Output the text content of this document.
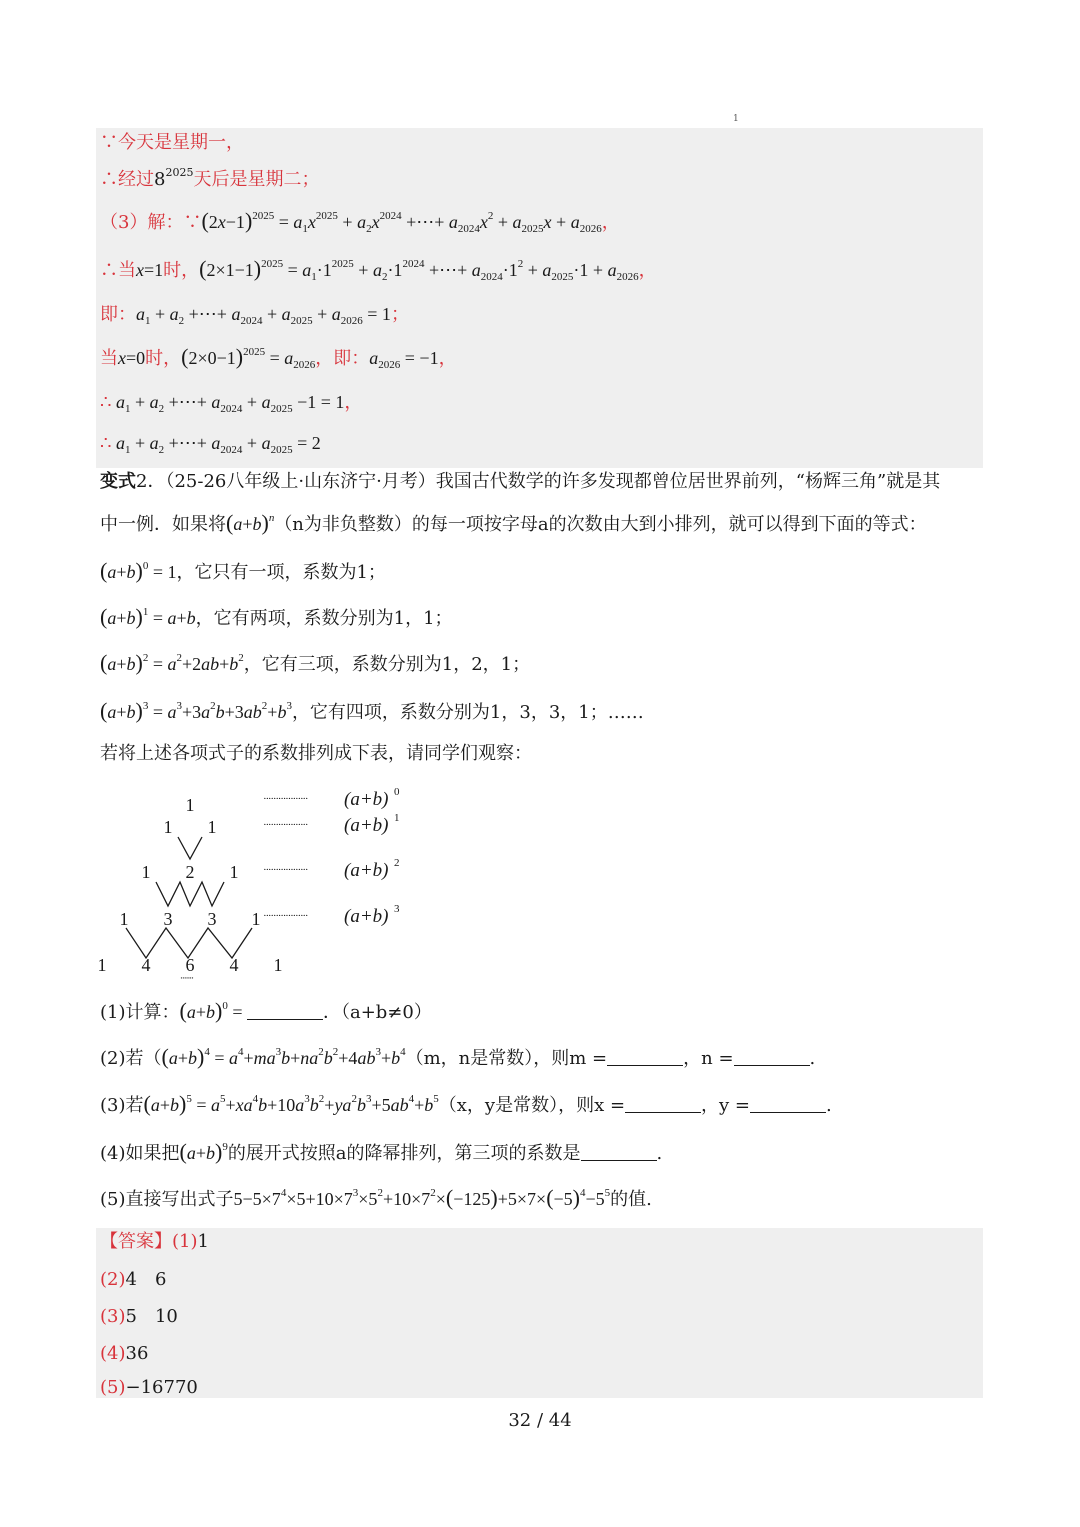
1
∵今天是星期一，
∴经过$8^{2025}$天后是星期二；
（3）解：$\because(2x-1)^{2025} = a_1x^{2025} + a_2x^{2024}$ +⋯+ $a_{2024}x^2 + a_{2025}x + a_{2026}$，
∴当x=1时，$(2\times 1-1)^{2025} = a_1\cdot 1^{2025} + a_2\cdot 1^{2024}$ +⋯+ $a_{2024}\cdot 1^2 + a_{2025}\cdot 1 + a_{2026}$，
即：$a_1 + a_2$ +⋯+ $a_{2024} + a_{2025} + a_{2026} = 1$；
当x=0时，$(2\times 0-1)^{2025} = a_{2026}$，即：$a_{2026} = -1$，
∴ $a_1 + a_2$ +⋯+ $a_{2024} + a_{2025} -1 = 1$，
∴ $a_1 + a_2$ +⋯+ $a_{2024} + a_{2025} = 2$
变式2．（25-26八年级上·山东济宁·月考）我国古代数学的许多发现都曾位居世界前列，“杨辉三角”就是其
中一例．如果将$(a+b)^n(n$为非负整数）的每一项按字母a的次数由大到小排列，就可以得到下面的等式：
$(a+b)^0 = 1$，它只有一项，系数为1；
$(a+b)^1 = a+b$，它有两项，系数分别为1，1；
$(a+b)^2 = a^2+2ab+b^2$，它有三项，系数分别为1，2，1；
$(a+b)^3 = a^3+3a^2b+3ab^2+b^3$，它有四项，系数分别为1，3，3，1；……
若将上述各项式子的系数排列成下表，请同学们观察：
1
1 1
1 2 1
1 3 3 1
1 4 6 4 1
·······
··················
··················
··················
··················
(a+b)
(a+b)
(a+b)
(a+b)
0
1
2
3
(1)计算：$(a+b)^0$ =	．（a+b≠0）
(2)若（$(a+b)^4 = a^4+ma^3b+na^2b^2+4ab^3+b^4(m$，n是常数），则m =	，n =	.
(3)若$(a+b)^5 = a^5+xa^4b+10a^3b^2+ya^2b^3+5ab^4+b^5(x$，y是常数），则x =	，y =	.
(4)如果把$(a+b)^9$的展开式按照a的降幂排列，第三项的系数是	.
(5)直接写出式子$5-5\times 7^4\times 5+10\times 7^3\times 5^2+10\times 7^2\times(-125)+5\times 7\times(-5)^4-5^5$的值.
【答案】(1)1
(2)4　6
(3)5　10
(4)36
(5)−16770
32 / 44
